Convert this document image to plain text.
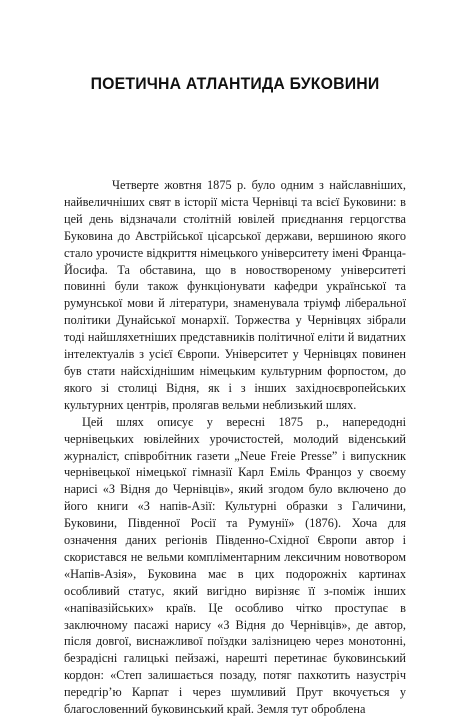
ПОЕТИЧНА АТЛАНТИДА БУКОВИНИ

Четверте жовтня 1875 р. було одним з найславніших, найвеличніших свят в історії міста Чернівці та всієї Буковини: в цей день відзначали столітній ювілей приєднання герцогства Буковина до Австрійської цісарської держави, вершиною якого стало урочисте відкриття німецького університету імені Франца-Йосифа. Та обставина, що в новоствореному університеті повинні були також функціонувати кафедри української та румунської мови й літератури, знаменувала тріумф ліберальної політики Дунайської монархії. Торжества у Чернівцях зібрали тоді найшляхетніших представників політичної еліти й видатних інтелектуалів з усієї Європи. Університет у Чернівцях повинен був стати найсхіднішим німецьким культурним форпостом, до якого зі столиці Відня, як і з інших західноєвропейських культурних центрів, пролягав вельми неблизький шлях.

Цей шлях описує у вересні 1875 р., напередодні чернівецьких ювілейних урочистостей, молодий віденський журналіст, співробітник газети „Neue Freie Presse” і випускник чернівецької німецької гімназії Карл Еміль Францоз у своєму нарисі «З Відня до Чернівців», який згодом було включено до його книги «З напів-Азії: Культурні образки з Галичини, Буковини, Південної Росії та Румунії» (1876). Хоча для означення даних регіонів Південно-Східної Європи автор і скористався не вельми компліментарним лексичним новотвором «Напів-Азія», Буковина має в цих подорожніх картинах особливий статус, який вигідно вирізняє її з-поміж інших «напівазійських» країв. Це особливо чітко проступає в заключному пасажі нарису «З Відня до Чернівців», де автор, після довгої, виснажливої поїздки залізницею через монотонні, безрадісні галицькі пейзажі, нарешті перетинає буковинський кордон: «Степ залишається позаду, потяг пахкотить назустріч передгір’ю Карпат і через шумливий Прут вкочується у благословенний буковинський край. Земля тут оброблена
